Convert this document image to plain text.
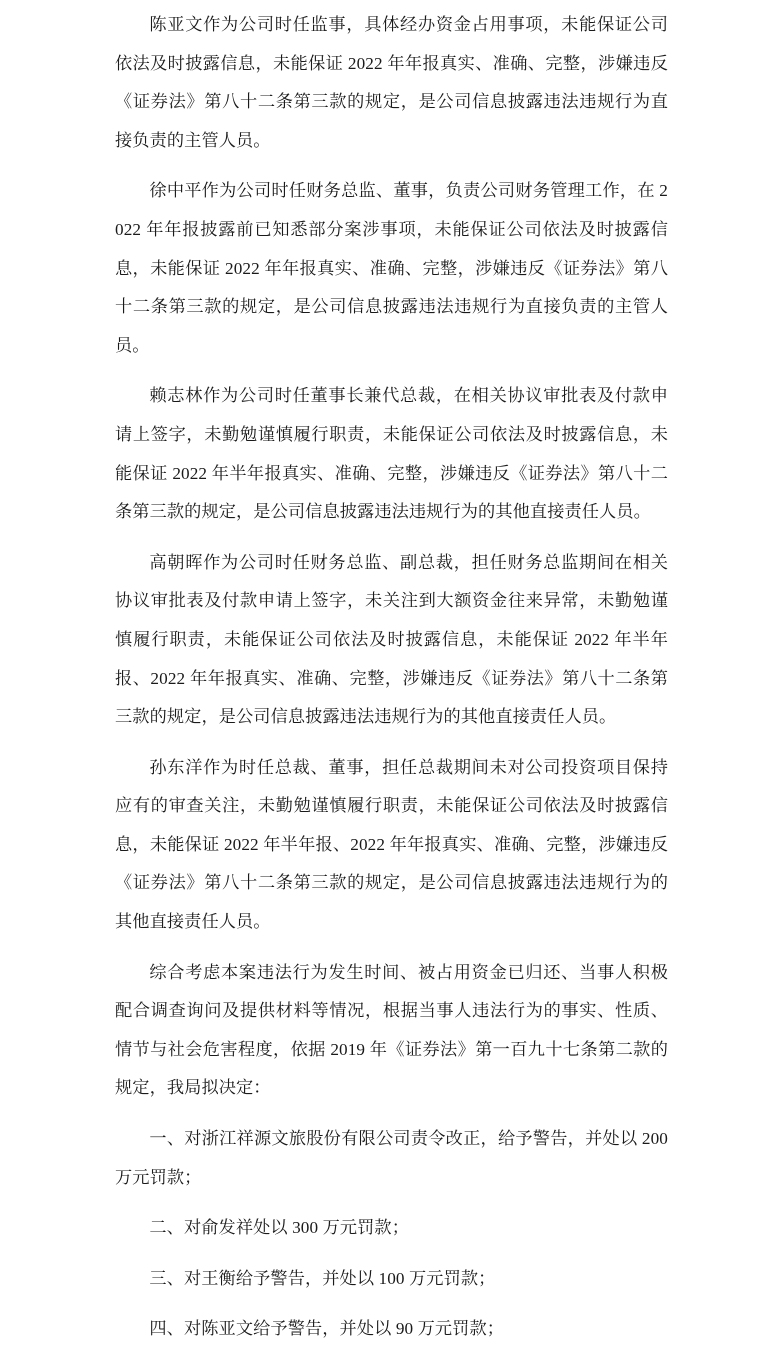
陈亚文作为公司时任监事，具体经办资金占用事项，未能保证公司依法及时披露信息，未能保证 2022 年年报真实、准确、完整，涉嫌违反《证券法》第八十二条第三款的规定，是公司信息披露违法违规行为直接负责的主管人员。

徐中平作为公司时任财务总监、董事，负责公司财务管理工作，在 2022 年年报披露前已知悉部分案涉事项，未能保证公司依法及时披露信息，未能保证 2022 年年报真实、准确、完整，涉嫌违反《证券法》第八十二条第三款的规定，是公司信息披露违法违规行为直接负责的主管人员。

赖志林作为公司时任董事长兼代总裁，在相关协议审批表及付款申请上签字，未勤勉谨慎履行职责，未能保证公司依法及时披露信息，未能保证 2022 年半年报真实、准确、完整，涉嫌违反《证券法》第八十二条第三款的规定，是公司信息披露违法违规行为的其他直接责任人员。

高朝晖作为公司时任财务总监、副总裁，担任财务总监期间在相关协议审批表及付款申请上签字，未关注到大额资金往来异常，未勤勉谨慎履行职责，未能保证公司依法及时披露信息，未能保证 2022 年半年报、2022 年年报真实、准确、完整，涉嫌违反《证券法》第八十二条第三款的规定，是公司信息披露违法违规行为的其他直接责任人员。

孙东洋作为时任总裁、董事，担任总裁期间未对公司投资项目保持应有的审查关注，未勤勉谨慎履行职责，未能保证公司依法及时披露信息，未能保证 2022 年半年报、2022 年年报真实、准确、完整，涉嫌违反《证券法》第八十二条第三款的规定，是公司信息披露违法违规行为的其他直接责任人员。

综合考虑本案违法行为发生时间、被占用资金已归还、当事人积极配合调查询问及提供材料等情况，根据当事人违法行为的事实、性质、情节与社会危害程度，依据 2019 年《证券法》第一百九十七条第二款的规定，我局拟决定：

一、对浙江祥源文旅股份有限公司责令改正，给予警告，并处以 200 万元罚款；

二、对俞发祥处以 300 万元罚款；

三、对王衡给予警告，并处以 100 万元罚款；

四、对陈亚文给予警告，并处以 90 万元罚款；
